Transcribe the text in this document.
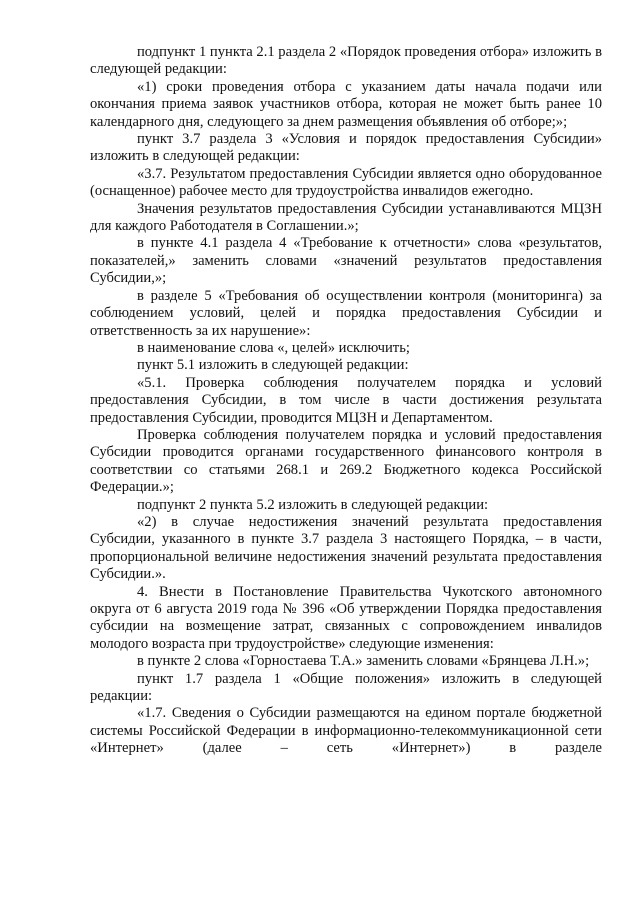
подпункт 1 пункта 2.1 раздела 2 «Порядок проведения отбора» изложить в следующей редакции:

«1) сроки проведения отбора с указанием даты начала подачи или окончания приема заявок участников отбора, которая не может быть ранее 10 календарного дня, следующего за днем размещения объявления об отборе;»;

пункт 3.7 раздела 3 «Условия и порядок предоставления Субсидии» изложить в следующей редакции:

«3.7. Результатом предоставления Субсидии является одно оборудованное (оснащенное) рабочее место для трудоустройства инвалидов ежегодно.

Значения результатов предоставления Субсидии устанавливаются МЦЗН для каждого Работодателя в Соглашении.»;

в пункте 4.1 раздела 4 «Требование к отчетности» слова «результатов, показателей,» заменить словами «значений результатов предоставления Субсидии,»;

в разделе 5 «Требования об осуществлении контроля (мониторинга) за соблюдением условий, целей и порядка предоставления Субсидии и ответственность за их нарушение»:

в наименование слова «, целей» исключить;

пункт 5.1 изложить в следующей редакции:

«5.1. Проверка соблюдения получателем порядка и условий предоставления Субсидии, в том числе в части достижения результата предоставления Субсидии, проводится МЦЗН и Департаментом.

Проверка соблюдения получателем порядка и условий предоставления Субсидии проводится органами государственного финансового контроля в соответствии со статьями 268.1 и 269.2 Бюджетного кодекса Российской Федерации.»;

подпункт 2 пункта 5.2 изложить в следующей редакции:

«2) в случае недостижения значений результата предоставления Субсидии, указанного в пункте 3.7 раздела 3 настоящего Порядка, – в части, пропорциональной величине недостижения значений результата предоставления Субсидии.».

4. Внести в Постановление Правительства Чукотского автономного округа от 6 августа 2019 года № 396 «Об утверждении Порядка предоставления субсидии на возмещение затрат, связанных с сопровождением инвалидов молодого возраста при трудоустройстве» следующие изменения:

в пункте 2 слова «Горностаева Т.А.» заменить словами «Брянцева Л.Н.»;

пункт 1.7 раздела 1 «Общие положения» изложить в следующей редакции:

«1.7. Сведения о Субсидии размещаются на едином портале бюджетной системы Российской Федерации в информационно-телекоммуникационной сети «Интернет» (далее – сеть «Интернет») в разделе
